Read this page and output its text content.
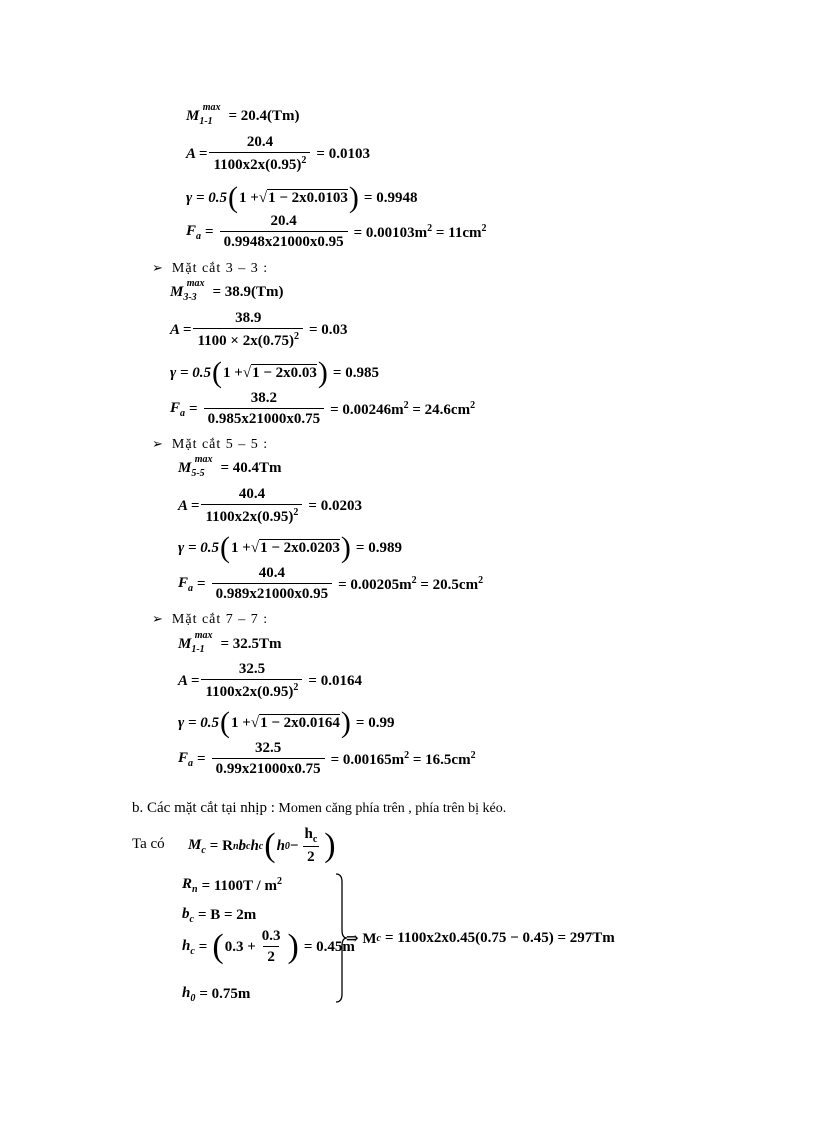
$M_{1-1}^{max}$
= 20.4(Tm)
$A = \frac{20.4}{1100x2x(0.95)^2} = 0.0103$
γ = 0.5 ( 1 + √ 1 − 2x0.0103 ) = 0.9948
$F_a = \frac{20.4}{0.9948x21000x0.95} = 0.00103m^2 = 11cm^2$
➢ Mặt cắt 3 – 3 :
$M_{3-3}^{max}$
= 38.9(Tm)
$A = \frac{38.9}{1100 \times 2x(0.75)^2} = 0.03$
γ = 0.5 ( 1 + √ 1 − 2x0.03 ) = 0.985
$F_a = \frac{38.2}{0.985x21000x0.75} = 0.00246m^2 = 24.6cm^2$
➢ Mặt cắt 5 – 5 :
$M_{5-5}^{max}$
= 40.4Tm
$A = \frac{40.4}{1100x2x(0.95)^2} = 0.0203$
γ = 0.5 ( 1 + √ 1 − 2x0.0203 ) = 0.989
$F_a = \frac{40.4}{0.989x21000x0.95} = 0.00205m^2 = 20.5cm^2$
➢ Mặt cắt 7 – 7 :
$M_{1-1}^{max}$
= 32.5Tm
$A = \frac{32.5}{1100x2x(0.95)^2} = 0.0164$
γ = 0.5 ( 1 + √ 1 − 2x0.0164 ) = 0.99
$F_a = \frac{32.5}{0.99x21000x0.75} = 0.00165m^2 = 16.5cm^2$
b. Các mặt cắt tại nhịp : Momen căng phía trên , phía trên bị kéo.
Ta có $M_c = R$ n b c h c ( h $0 - \frac{h_c}{2}$ )
$R_n = 1100T / m^2$
$b_c = B = 2m$
$h_c$ = ( $0.3 + \frac{0.3}{2}$ ) = 0.45m
$h_0 = 0.75m$
⇒ M c = 1100x2x0.45(0.75 − 0.45) = 297Tm
